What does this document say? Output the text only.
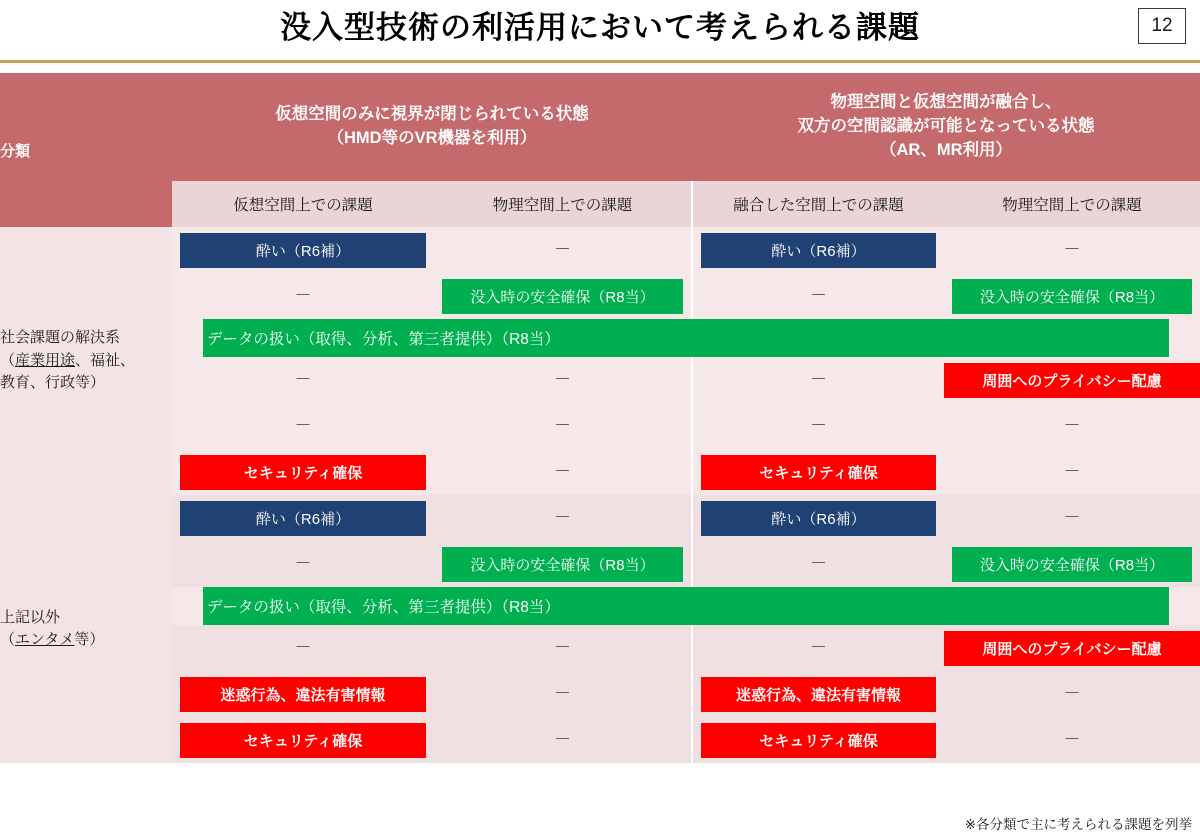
没入型技術の利活用において考えられる課題	12
分類	
仮想空間のみに視界が閉じられている状態
（HMD等のVR機器を利用）

物理空間と仮想空間が融合し、
双方の空間認識が可能となっている状態
（AR、MR利用）

	仮想空間上での課題	物理空間上での課題	融合した空間上での課題	物理空間上での課題

社会課題の解決系
（産業用途、福祉、
教育、行政等）	酔い（R6補）	－	酔い（R6補）	－
	－	没入時の安全確保（R8当）	－	没入時の安全確保（R8当）

	データの扱い（取得、分析、第三者提供）（R8当）			

	－	－	－	周囲へのプライバシー配慮

	－	－	－	－

	セキュリティ確保	－	セキュリティ確保	－

上記以外
（エンタメ等）	酔い（R6補）	－	酔い（R6補）	－
	－	没入時の安全確保（R8当）	－	没入時の安全確保（R8当）

	データの扱い（取得、分析、第三者提供）（R8当）			

	－	－	－	周囲へのプライバシー配慮

	迷惑行為、違法有害情報	－	迷惑行為、違法有害情報	－

	セキュリティ確保	－	セキュリティ確保	－
※各分類で主に考えられる課題を列挙
